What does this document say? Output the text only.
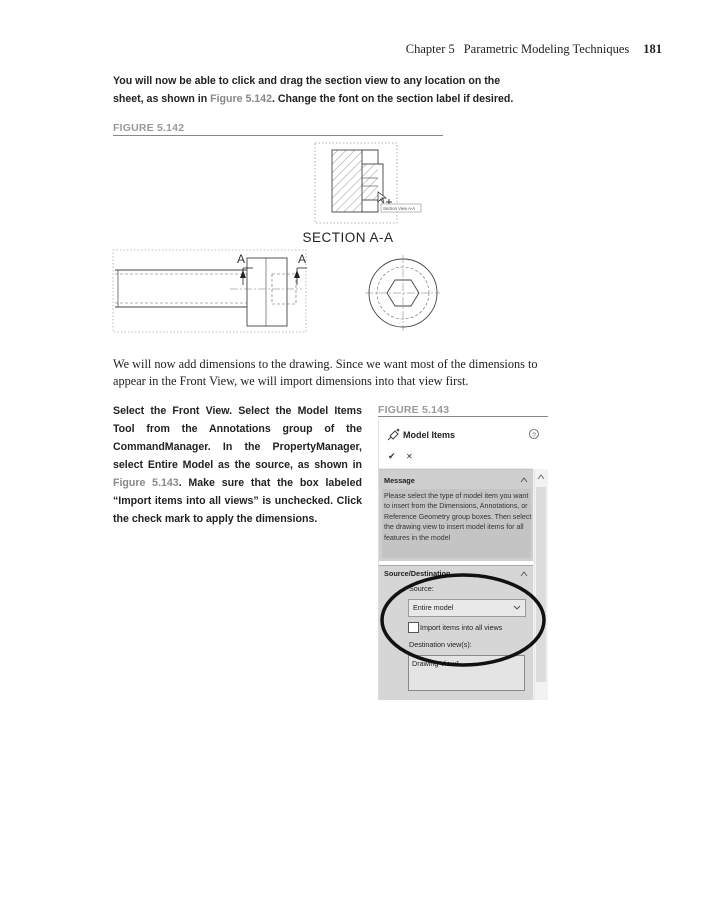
Chapter 5 Parametric Modeling Techniques 181
You will now be able to click and drag the section view to any location on the
sheet, as shown in Figure 5.142. Change the font on the section label if desired.
FIGURE 5.142
Section View A-A
SECTION A-A
A	A
We will now add dimensions to the drawing. Since we want most of the dimensions to appear in the Front View, we will import dimensions into that view first.
Select the Front View. Select the Model Items Tool from the Annotations group of the CommandManager. In the PropertyManager, select Entire Model as the source, as shown in Figure 5.143. Make sure that the box labeled “Import items into all views” is unchecked. Click the check mark to apply the dimensions.
FIGURE 5.143
Model Items	?
✔ ✕
Message
Please select the type of model item you want to insert from the Dimensions, Annotations, or Reference Geometry group boxes. Then select the drawing view to insert model items for all features in the model
Source/Destination
Source:
Entire model
Import items into all views
Destination view(s):
Drawing View1
